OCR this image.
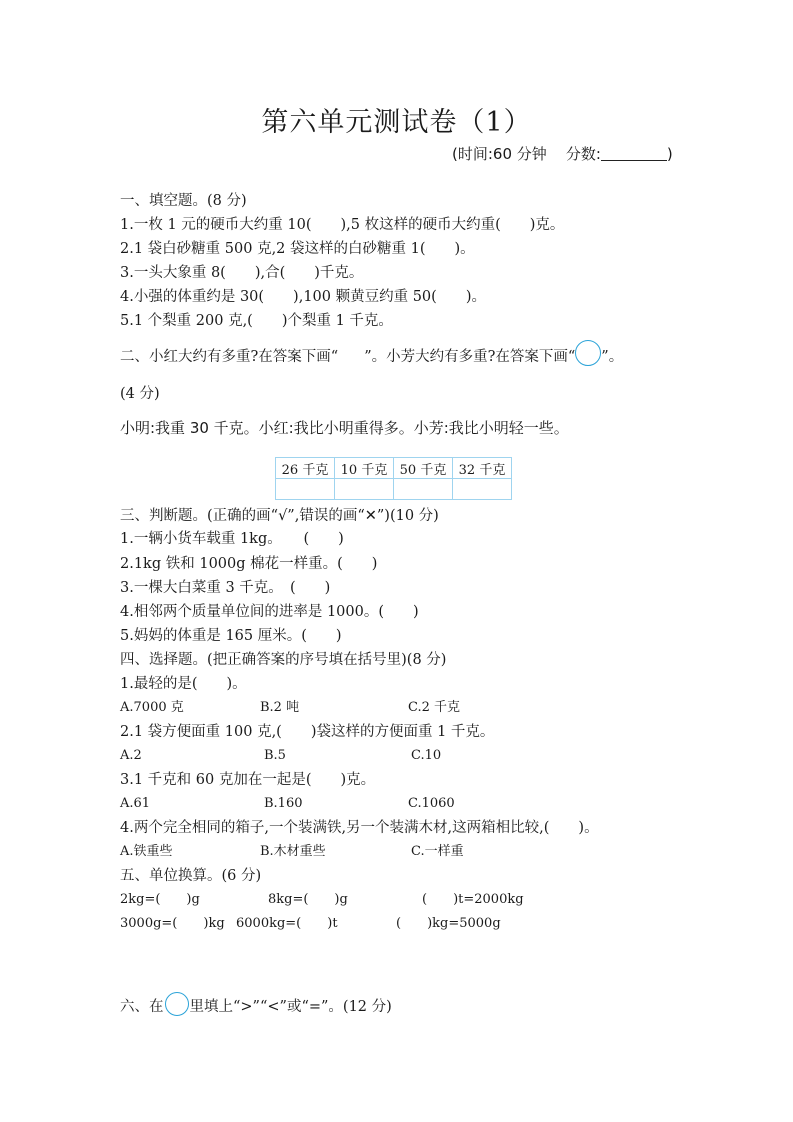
第六单元测试卷（1）
(时间:60 分钟 分数:	)
一、填空题。(8 分)
1.一枚 1 元的硬币大约重 10(　　),5 枚这样的硬币大约重(　　)克。
2.1 袋白砂糖重 500 克,2 袋这样的白砂糖重 1(　　)。
3.一头大象重 8(　　),合(　　)千克。
4.小强的体重约是 30(　　),100 颗黄豆约重 50(　　)。
5.1 个梨重 200 克,(　　)个梨重 1 千克。
二、小红大约有多重?在答案下画“ ”。小芳大约有多重?在答案下画“ ”。
(4 分)
小明:我重 30 千克。小红:我比小明重得多。小芳:我比小明轻一些。
26 千克	10 千克	50 千克	32 千克

三、判断题。(正确的画“√”,错误的画“✕”)(10 分)
1.一辆小货车载重 1kg。　　(　　)
2.1kg 铁和 1000g 棉花一样重。(　　)
3.一棵大白菜重 3 千克。　(　　)
4.相邻两个质量单位间的进率是 1000。(　　)
5.妈妈的体重是 165 厘米。(　　)
四、选择题。(把正确答案的序号填在括号里)(8 分)
1.最轻的是(　　)。
A.7000 克	B.2 吨	C.2 千克
2.1 袋方便面重 100 克,(　　)袋这样的方便面重 1 千克。
A.2	B.5	C.10
3.1 千克和 60 克加在一起是(　　)克。
A.61	B.160	C.1060
4.两个完全相同的箱子,一个装满铁,另一个装满木材,这两箱相比较,(　　)。
A.铁重些	B.木材重些	C.一样重
五、单位换算。(6 分)
2kg=(　　)g	8kg=(　　)g	(　　)t=2000kg
3000g=(　　)kg 6000kg=(　　)t	(　　)kg=5000g
六、在 里填上“>”“<”或“=”。(12 分)
